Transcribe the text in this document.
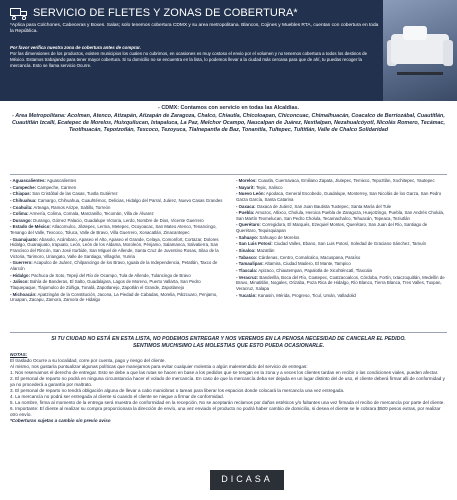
SERVICIO DE FLETES Y ZONAS DE COBERTURA*
*Aplica para Colchones, Cabeceras y Boxes. Salas; solo tenemos cobertura CDMX y su area metropolitana. Blancos, Cojines y Muebles RTA, cuentan con cobertura en toda la República.
Por favor verifica nuestra zona de cobertura antes de comprar.
Por las dimensiones de los productos, existen municipios los cuales no cubrimos, en ocasiones es muy costoso el envio por el volumen y no tenemos cobertura a todos los destinos de México. Estamos trabajando para tener mayor cobertura. Si tu domicilio no se encuentra en la lista, lo podemos llevar a la ciudad más cercana para que de ahí, tu puedas recoger la mercancía. Esto se llama servicio Ocurre.
- CDMX: Contamos con servicio en todas las Alcaldias.
- Area Metropolitana: Acolman, Atenco, Atizapán, Atizapán de Zaragoza, Chalco, Chiautla, Chicoloapan, Chiconcuac, Chimalhuacán, Coacalco de Berriozábal, Cuautitlán, Cuautitlán Izcalli, Ecatepec de Morelos, Huixquilucan, Ixtapaluca, La Paz, Melchor Ocampo, Naucalpan de Juárez, Nextlalpan, Nezahualcóyotl, Nicolás Romero, Tecámac, Teotihuacán, Tepotzotlán, Texcoco, Tezoyuca, Tlalnepantla de Baz, Tonanitla, Tultepec, Tultitlán, Valle de Chalco Solidaridad
- Aguascalientes: Aguascalientes
- Campeche: Campeche, Carmen
- Chiapas: San Cristóbal de las Casas, Tuxtla Gutiérrez
- Chihuahua: Camargo, Chihuahua, Cuauhtémoc, Delicias, Hidalgo del Parral, Juárez, Nuevo Casas Grandes
- Coahuila: Arteaga, Ramos Arizpe, Saltillo, Torreón
- Colima: Armería, Colima, Comala, Manzanillo, Tecomán, Villa de Álvarez
- Durango: Durango, Gómez Palacio, Guadalupe Victoria, Lerdo, Nombre de Dios, Vicente Guerrero
- Estado de México: Atlacomulco, Jilotepec, Lerma, Metepec, Ocoyoacac, San Mateo Atenco, Tenancingo, Tenango del Valle, Texcoco, Toluca, Valle de Bravo, Villa Guerrero, Xonacatlán, Zinacantepec
- Guanajuato: Abasolo, Acámbaro, Apaseo el Alto, Apaseo el Grande, Celaya, Comonfort, Cortazar, Dolores Hidalgo, Guanajuato, Irapuato, León, León de los Aldama, Moroleón, Pénjamo, Salamanca, Salvatierra, San Francisco del Rincón, San José Iturbide, San Miguel de Allende, Santa Cruz de Juventino Rosas, Silao de la Victoria, Tarimoro, Uriangato, Valle de Santiago, Villagrán, Yuriria
- Guerrero: Acapulco de Juárez, Chilpancingo de los Bravo, Iguala de la Independencia, Petatlán, Taxco de Alarcón
- Hidalgo: Pachuca de Soto, Tepeji del Río de Ocampo, Tula de Allende, Tulancingo de Bravo
- Jalisco: Bahía de Banderas, El Salto, Guadalajara, Lagos de Moreno, Puerto Vallarta, San Pedro Tlaquepaque, Tlajomulco de Zúñiga, Tonalá, Zapotlanejo, Zapotlán el Grande, Zapotlanejo
- Michoacán: Apatzingán de la Constitución, Jacona, La Piedad de Cabadas, Morelia, Pátzcuaro, Penjamo, Uruapan, Zacapu, Zamora, Zamora de Hidalgo
- Morelos: Cuautla, Cuernavaca, Emiliano Zapata, Jiutepec, Temixco, Tepoztlán, Xochitepec, Yautepec
- Nayarit: Tepic, Xalisco
- Nuevo León: Apodaca, General Escobedo, Guadalupe, Monterrey, San Nicolás de los Garza, San Pedro Garza García, Santa Catarina
- Oaxaca: Oaxaca de Juárez, San Juan Bautista Tuxtepec, Santa María del Tule
- Puebla: Amozoc, Atlixco, Cholula, Heroica Puebla de Zaragoza, Huejotzingo, Puebla, San Andrés Cholula, San Martín Texmelucan, San Pedro Cholula, Tecamachalco, Tehuacán, Tepeaca, Teziutlán
- Querétaro: Corregidora, El Marqués, Ezequiel Montes, Querétaro, San Juan del Río, Santiago de Querétaro, Tequisquiapan
- Sahuayo: Sahuayo de Morelos
- San Luis Potosí: Ciudad Valles, Ebano, San Luis Potosí, Soledad de Graciano Sánchez, Tamuín
- Sinaloa: Mazatlán
- Tabasco: Cárdenas, Centro, Comalcalco, Macuspana, Paraíso
- Tamaulipas: Altamira, Ciudad Madero, El Mante, Tampico
- Tlaxcala: Apizaco, Chiautempan, Papalotla de Xicohténcatl, Tlaxcala
- Veracruz: Banderilla, Boca del Río, Coatepec, Coatzacoalcos, Córdoba, Fortín, Ixtaczoquitlán, Medellín de Bravo, Minatitlán, Nogales, Orizaba, Poza Rica de Hidalgo, Río Blanco, Tierra Blanca, Tres Valles, Tuxpan, Veracruz, Xalapa
- Yucatán: Kanasín, Mérida, Progreso, Ticul, Umán, Valladolid
SI TU CIUDAD NO ESTÁ EN ESTA LISTA, NO PODEMOS ENTREGAR Y NOS VEREMOS EN LA PENOSA NECESIDAD DE CANCELAR EL PEDIDO.
SENTIMOS MUCHISIMO LAS MOLESTIAS QUE ESTO PUEDA OCASIONARLE.
NOTAS:
El traslado Ocurre a su localidad, corre por cuenta, pago y riesgo del cliente.
Al mismo, nos gustaría puntualizar algunas políticas que manejamos para evitar cualquier molestia o algún malentendido del servicio de entregas:
1. Nos reservamos el derecho de entregar. Esto se debe a que las rutas se hacen en base a los pedidos que se tengan en la zona y a veces los clientes tardan en recibir o las condiciones viales, pueden afectar.
2. El personal de reparto no podrá en ninguna circunstancia hacer el volado de mercancía. En caso de que la mercancía deba ser dejada en un lugar distinto del de uso, el cliente deberá firmar alli de conformidad y ya no procederá a garantía por maltrato.
3. El personal de reparto no tendrá obligación alguna de llevar a cabo maniobras o tareas para liberar los espacios donde colocará la mercancía una vez entregada.
4. La mercancía no podrá ser entregada al cliente si cuando el cliente se niegue a firmar de conformidad.
5. La nombre, firma al momento de la entrega será muestra de conformidad en la recepción. No se aceptarán reclamos por daños estéticos y/o faltantes una vez firmada el recibo de mercancía por parte del cliente.
6. Importante: El cliente al realizar su compra proporcionara la dirección de envío, una vez enviado el producto no podrá haber cambio de domicilio, si desea el cliente se le cobrara $500 pesos extras, por realizar otro envío.
*Coberturas sujetas a cambio sin previo aviso
DICASA
